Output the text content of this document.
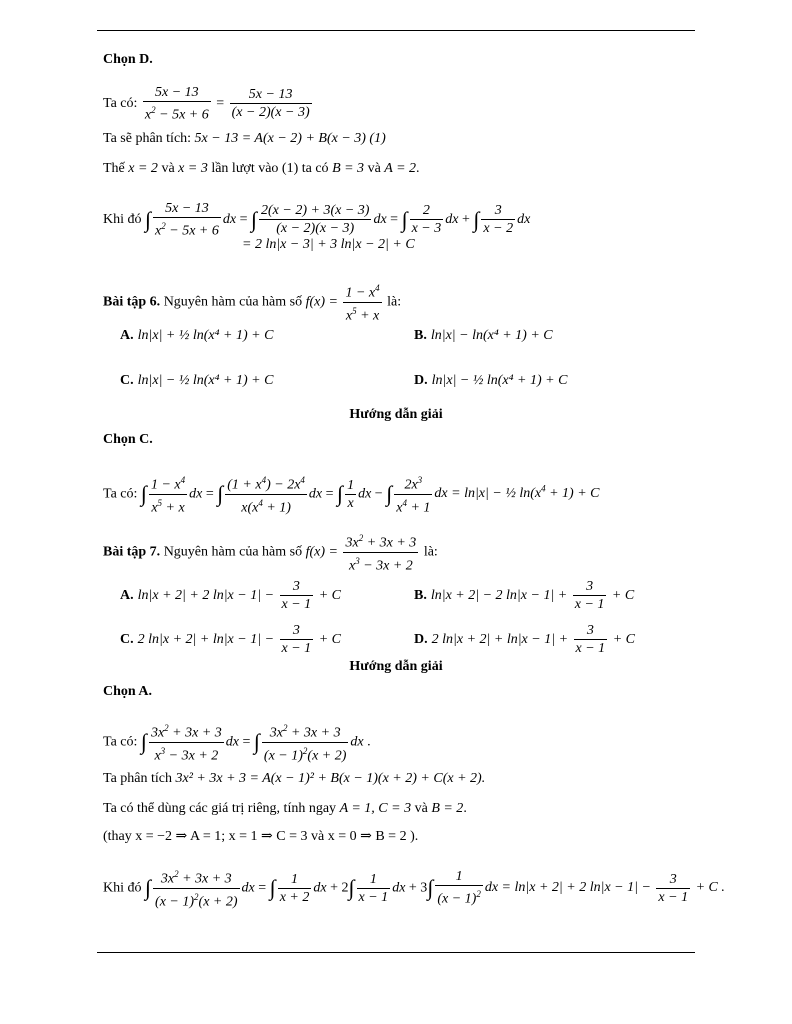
Chọn D.
Ta có: $\frac{5x - 13}{x^2 - 5x + 6} = \frac{5x - 13}{(x - 2)(x - 3)}$
Ta sẽ phân tích: 5x − 13 = A(x − 2) + B(x − 3) (1)
Thế x = 2 và x = 3 lần lượt vào (1) ta có B = 3 và A = 2.
Khi đó ∫ $\frac{5x - 13}{x^2 - 5x + 6}$ dx = ∫ $\frac{2(x - 2) + 3(x - 3)}{(x - 2)(x - 3)}$ dx = ∫ $\frac{2}{x - 3}$ dx + ∫ $\frac{3}{x - 2}$ dx
= 2 ln|x − 3| + 3 ln|x − 2| + C
Bài tập 6. Nguyên hàm của hàm số $f(x) = \frac{1 - x^4}{x^5 + x}$ là:
A. ln|x| + ½ ln(x⁴ + 1) + C	B. ln|x| − ln(x⁴ + 1) + C
C. ln|x| − ½ ln(x⁴ + 1) + C	D. ln|x| − ½ ln(x⁴ + 1) + C
Hướng dẫn giải
Chọn C.
Ta có: ∫ $\frac{1 - x^4}{x^5 + x}$ dx = ∫ $\frac{(1 + x^4) - 2x^4}{x(x^4 + 1)}$ dx = ∫ $\frac{1}{x}$ dx − ∫ $\frac{2x^3}{x^4 + 1}$ dx = ln|x| − ½ $\ln(x^4 + 1) + C$
Bài tập 7. Nguyên hàm của hàm số $f(x) = \frac{3x^2 + 3x + 3}{x^3 - 3x + 2}$ là:
A. ln|x + 2| + 2 $\ln|x - 1| - \frac{3}{x - 1} + C$	B. ln|x + 2| − 2 $\ln|x - 1| + \frac{3}{x - 1} + C$
C. 2 $\ln|x + 2| + \ln|x - 1| - \frac{3}{x - 1} + C$	D. 2 $\ln|x + 2| + \ln|x - 1| + \frac{3}{x - 1} + C$
Hướng dẫn giải
Chọn A.
Ta có: ∫ $\frac{3x^2 + 3x + 3}{x^3 - 3x + 2}$ dx = ∫ $\frac{3x^2 + 3x + 3}{(x - 1)^2(x + 2)}$ dx .
Ta phân tích 3x² + 3x + 3 = A(x − 1)² + B(x − 1)(x + 2) + C(x + 2).
Ta có thể dùng các giá trị riêng, tính ngay A = 1, C = 3 và B = 2.
(thay x = −2 ⇒ A = 1; x = 1 ⇒ C = 3 và x = 0 ⇒ B = 2 ).
Khi đó ∫ $\frac{3x^2 + 3x + 3}{(x - 1)^2(x + 2)}$ dx = ∫ $\frac{1}{x + 2}$ dx + $2\int \frac{1}{x - 1}$ dx + $3\int \frac{1}{(x - 1)^2}$ dx = ln|x + 2| + 2 $\ln|x - 1| - \frac{3}{x - 1} + C$ .
